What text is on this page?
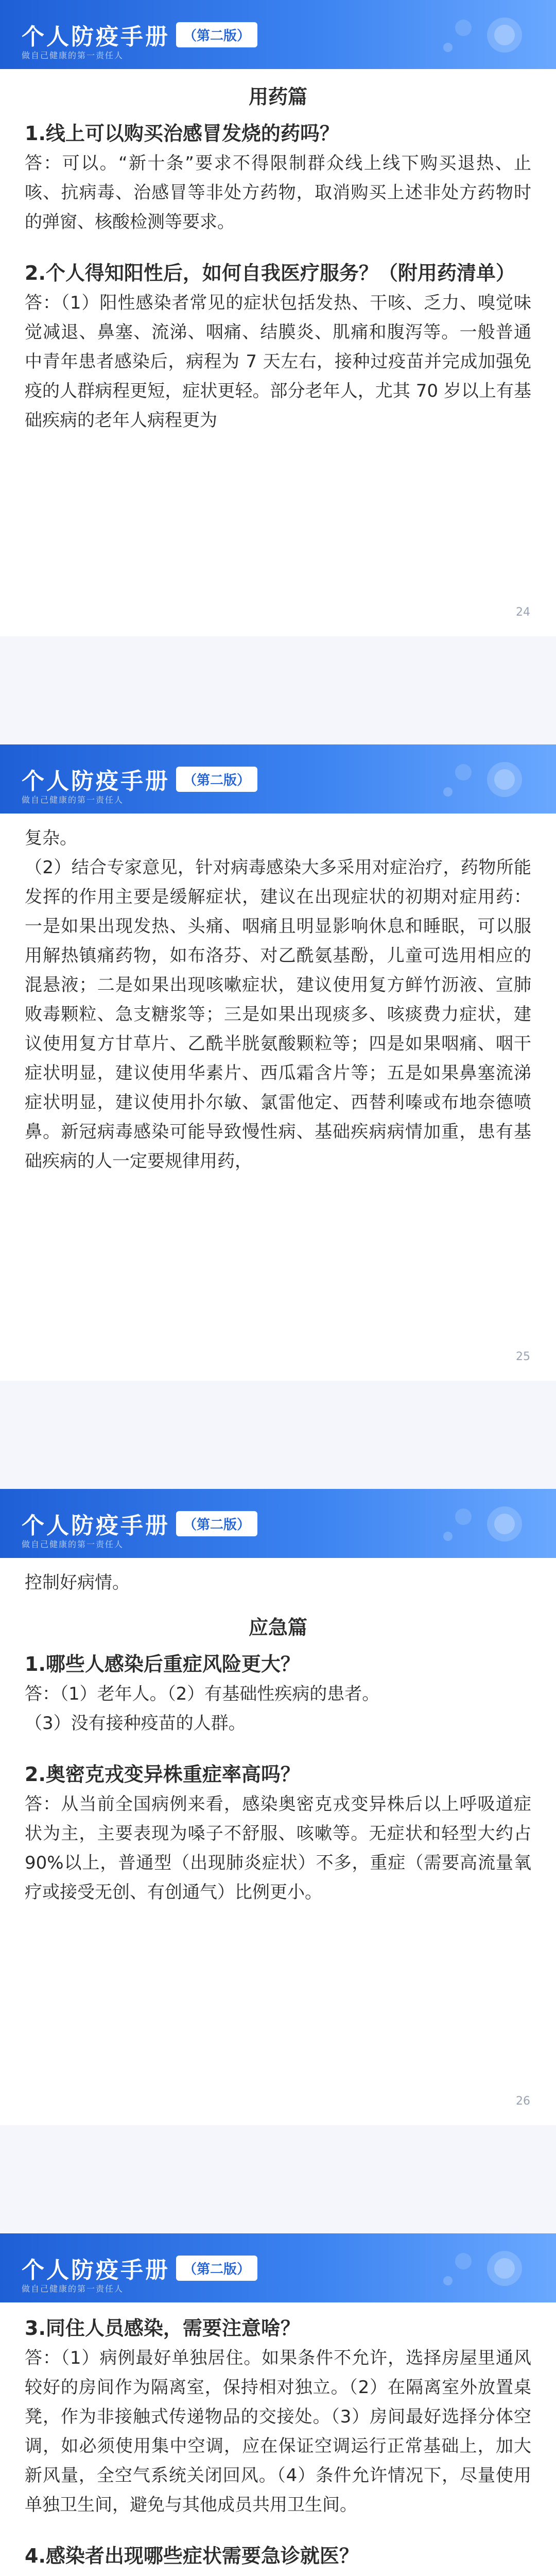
个人防疫手册	（第二版）
做自己健康的第一责任人
用药篇
1.线上可以购买治感冒发烧的药吗？

答：可以。“新十条”要求不得限制群众线上线下购买退热、止咳、抗病毒、治感冒等非处方药物，取消购买上述非处方药物时的弹窗、核酸检测等要求。

2.个人得知阳性后，如何自我医疗服务？（附用药清单）

答：（1）阳性感染者常见的症状包括发热、干咳、乏力、嗅觉味觉减退、鼻塞、流涕、咽痛、结膜炎、肌痛和腹泻等。一般普通中青年患者感染后，病程为 7 天左右，接种过疫苗并完成加强免疫的人群病程更短，症状更轻。部分老年人，尤其 70 岁以上有基础疾病的老年人病程更为

24
个人防疫手册	（第二版）
做自己健康的第一责任人

复杂。

（2）结合专家意见，针对病毒感染大多采用对症治疗，药物所能发挥的作用主要是缓解症状，建议在出现症状的初期对症用药：一是如果出现发热、头痛、咽痛且明显影响休息和睡眠，可以服用解热镇痛药物，如布洛芬、对乙酰氨基酚，儿童可选用相应的混悬液；二是如果出现咳嗽症状，建议使用复方鲜竹沥液、宣肺败毒颗粒、急支糖浆等；三是如果出现痰多、咳痰费力症状，建议使用复方甘草片、乙酰半胱氨酸颗粒等；四是如果咽痛、咽干症状明显，建议使用华素片、西瓜霜含片等；五是如果鼻塞流涕症状明显，建议使用扑尔敏、氯雷他定、西替利嗪或布地奈德喷鼻。新冠病毒感染可能导致慢性病、基础疾病病情加重，患有基础疾病的人一定要规律用药，

25
个人防疫手册	（第二版）
做自己健康的第一责任人

控制好病情。

应急篇
1.哪些人感染后重症风险更大？

答：（1）老年人。（2）有基础性疾病的患者。

（3）没有接种疫苗的人群。

2.奥密克戎变异株重症率高吗？

答：从当前全国病例来看，感染奥密克戎变异株后以上呼吸道症状为主，主要表现为嗓子不舒服、咳嗽等。无症状和轻型大约占 90%以上，普通型（出现肺炎症状）不多，重症（需要高流量氧疗或接受无创、有创通气）比例更小。

26
个人防疫手册	（第二版）
做自己健康的第一责任人
3.同住人员感染，需要注意啥？

答：（1）病例最好单独居住。如果条件不允许，选择房屋里通风较好的房间作为隔离室，保持相对独立。（2）在隔离室外放置桌凳，作为非接触式传递物品的交接处。（3）房间最好选择分体空调，如必须使用集中空调，应在保证空调运行正常基础上，加大新风量，全空气系统关闭回风。（4）条件允许情况下，尽量使用单独卫生间，避免与其他成员共用卫生间。

4.感染者出现哪些症状需要急诊就医？
